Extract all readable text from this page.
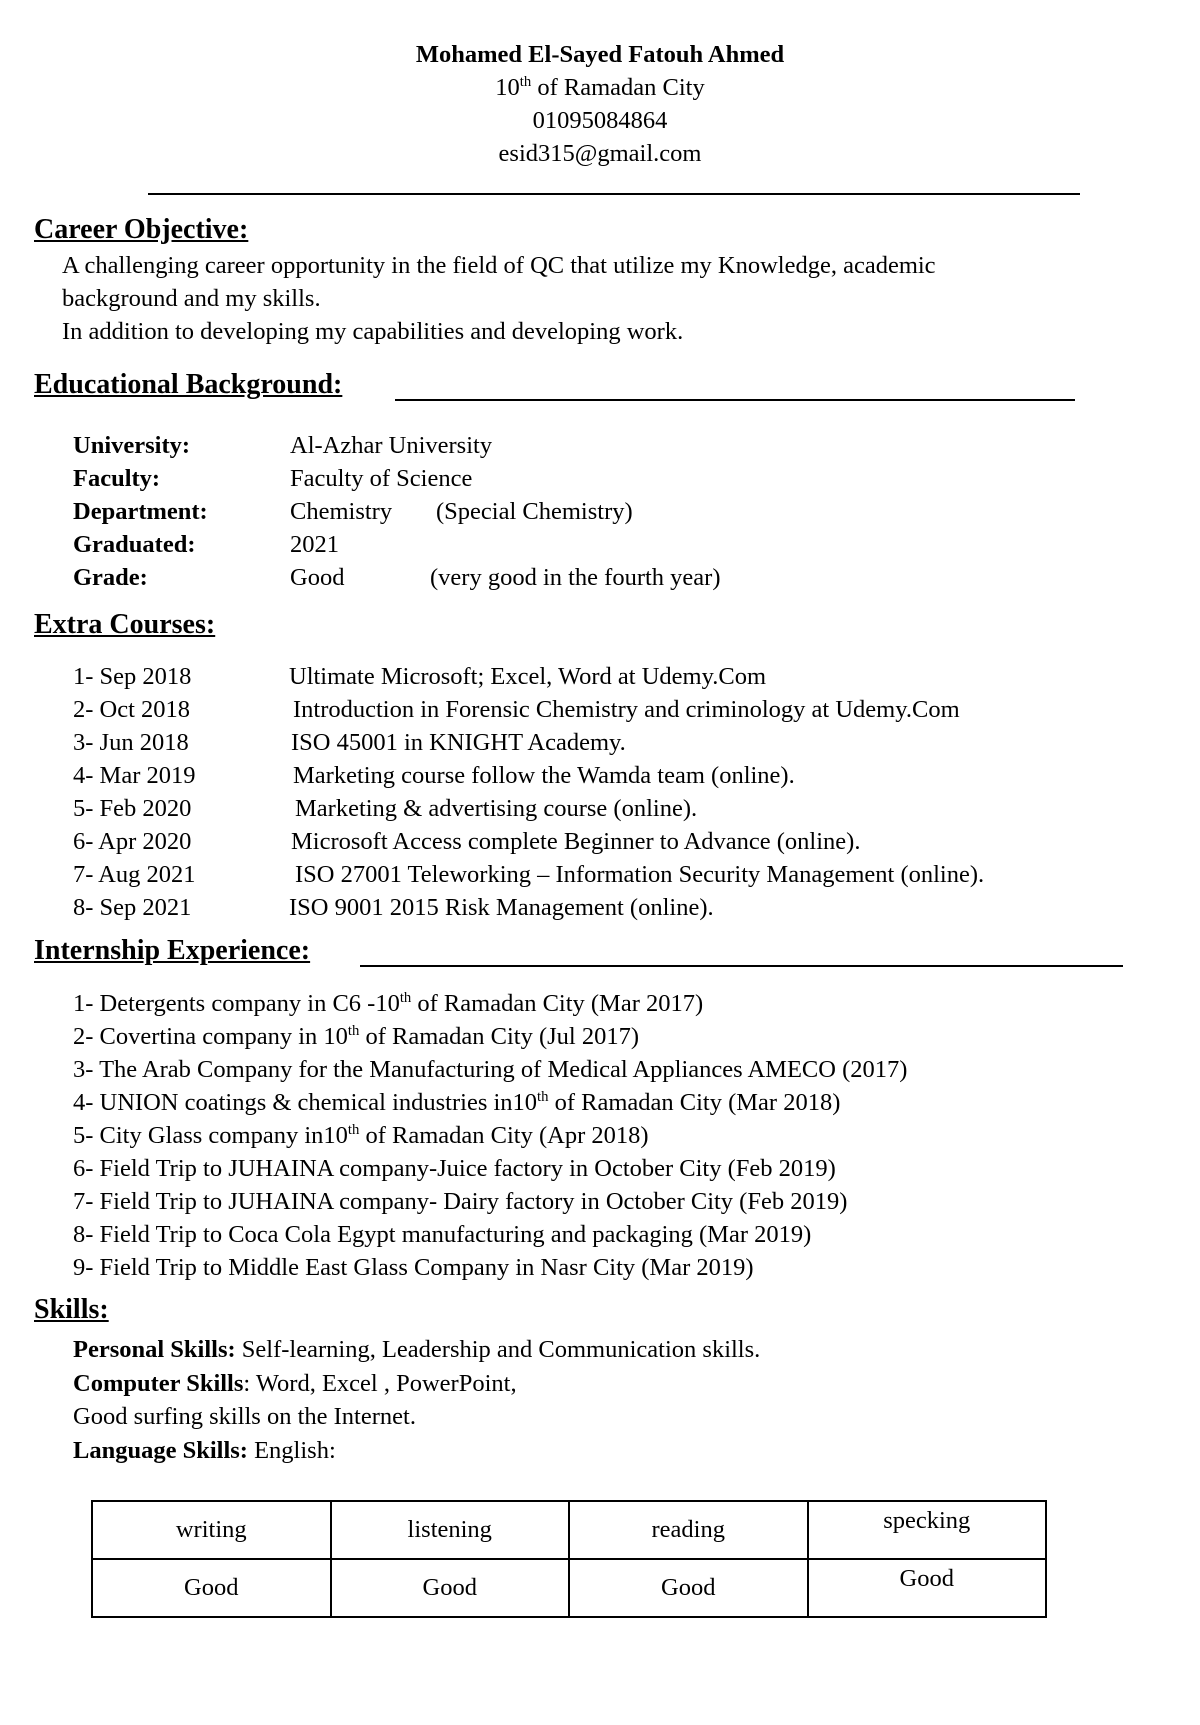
Mohamed El-Sayed Fatouh Ahmed
10th of Ramadan City
01095084864
esid315@gmail.com
Career Objective:
A challenging career opportunity in the field of QC that utilize my Knowledge, academic
background and my skills.
In addition to developing my capabilities and developing work.
Educational Background:
University:	Al-Azhar University
Faculty:	Faculty of Science
Department:	Chemistry (Special Chemistry)
Graduated:	2021
Grade:	Good	(very good in the fourth year)
Extra Courses:
1- Sep 2018	Ultimate Microsoft; Excel, Word at Udemy.Com
2- Oct 2018	Introduction in Forensic Chemistry and criminology at Udemy.Com
3- Jun 2018	ISO 45001 in KNIGHT Academy.
4- Mar 2019	Marketing course follow the Wamda team (online).
5- Feb 2020	Marketing & advertising course (online).
6- Apr 2020	Microsoft Access complete Beginner to Advance (online).
7- Aug 2021	ISO 27001 Teleworking – Information Security Management (online).
8- Sep 2021	ISO 9001 2015 Risk Management (online).
Internship Experience:
1- Detergents company in C6 -10th of Ramadan City (Mar 2017)
2- Covertina company in 10th of Ramadan City (Jul 2017)
3- The Arab Company for the Manufacturing of Medical Appliances AMECO (2017)
4- UNION coatings & chemical industries in10th of Ramadan City (Mar 2018)
5- City Glass company in10th of Ramadan City (Apr 2018)
6- Field Trip to JUHAINA company-Juice factory in October City (Feb 2019)
7- Field Trip to JUHAINA company- Dairy factory in October City (Feb 2019)
8- Field Trip to Coca Cola Egypt manufacturing and packaging (Mar 2019)
9- Field Trip to Middle East Glass Company in Nasr City (Mar 2019)
Skills:
Personal Skills: Self-learning, Leadership and Communication skills.
Computer Skills: Word, Excel , PowerPoint,
Good surfing skills on the Internet.
Language Skills: English:
writing	listening	reading	specking
Good	Good	Good	Good
